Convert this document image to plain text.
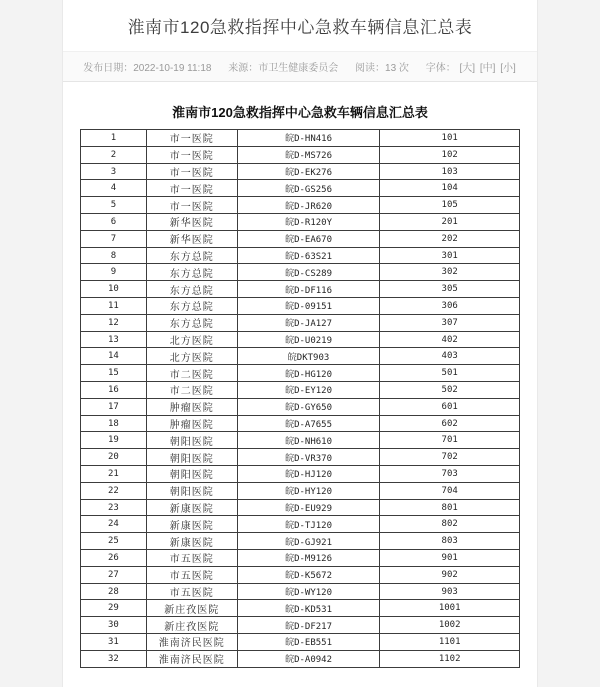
淮南市120急救指挥中心急救车辆信息汇总表
发布日期：2022-10-19 11:18 来源：市卫生健康委员会 阅读：13 次 字体： [大] [中] [小]
淮南市120急救指挥中心急救车辆信息汇总表
1	市一医院	皖D-HN416	101
2	市一医院	皖D-MS726	102
3	市一医院	皖D-EK276	103
4	市一医院	皖D-GS256	104
5	市一医院	皖D-JR620	105
6	新华医院	皖D-R120Y	201
7	新华医院	皖D-EA670	202
8	东方总院	皖D-63S21	301
9	东方总院	皖D-CS289	302
10	东方总院	皖D-DF116	305
11	东方总院	皖D-09151	306
12	东方总院	皖D-JA127	307
13	北方医院	皖D-U0219	402
14	北方医院	皖DKT903	403
15	市二医院	皖D-HG120	501
16	市二医院	皖D-EY120	502
17	肿瘤医院	皖D-GY650	601
18	肿瘤医院	皖D-A7655	602
19	朝阳医院	皖D-NH610	701
20	朝阳医院	皖D-VR370	702
21	朝阳医院	皖D-HJ120	703
22	朝阳医院	皖D-HY120	704
23	新康医院	皖D-EU929	801
24	新康医院	皖D-TJ120	802
25	新康医院	皖D-GJ921	803
26	市五医院	皖D-M9126	901
27	市五医院	皖D-K5672	902
28	市五医院	皖D-WY120	903
29	新庄孜医院	皖D-KD531	1001
30	新庄孜医院	皖D-DF217	1002
31	淮南济民医院	皖D-EB551	1101
32	淮南济民医院	皖D-A0942	1102
